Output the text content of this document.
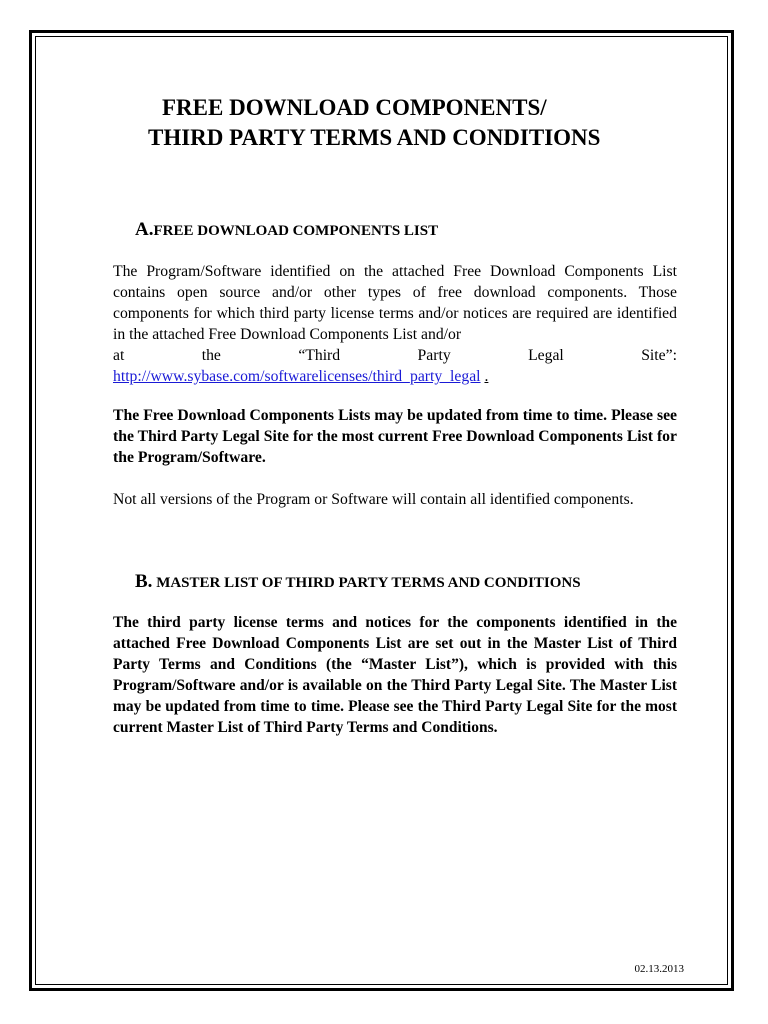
FREE DOWNLOAD COMPONENTS/
THIRD PARTY TERMS AND CONDITIONS
A.FREE DOWNLOAD COMPONENTS LIST
The Program/Software identified on the attached Free Download Components List contains open source and/or other types of free download components. Those components for which third party license terms and/or notices are required are identified in the attached Free Download Components List and/or
at	the	“Third	Party	Legal	Site”:
http://www.sybase.com/softwarelicenses/third_party_legal .

The Free Download Components Lists may be updated from time to time. Please see the Third Party Legal Site for the most current Free Download Components List for the Program/Software.

Not all versions of the Program or Software will contain all identified components.

B. MASTER LIST OF THIRD PARTY TERMS AND CONDITIONS

The third party license terms and notices for the components identified in the attached Free Download Components List are set out in the Master List of Third Party Terms and Conditions (the “Master List”), which is provided with this Program/Software and/or is available on the Third Party Legal Site. The Master List may be updated from time to time. Please see the Third Party Legal Site for the most current Master List of Third Party Terms and Conditions.

02.13.2013
